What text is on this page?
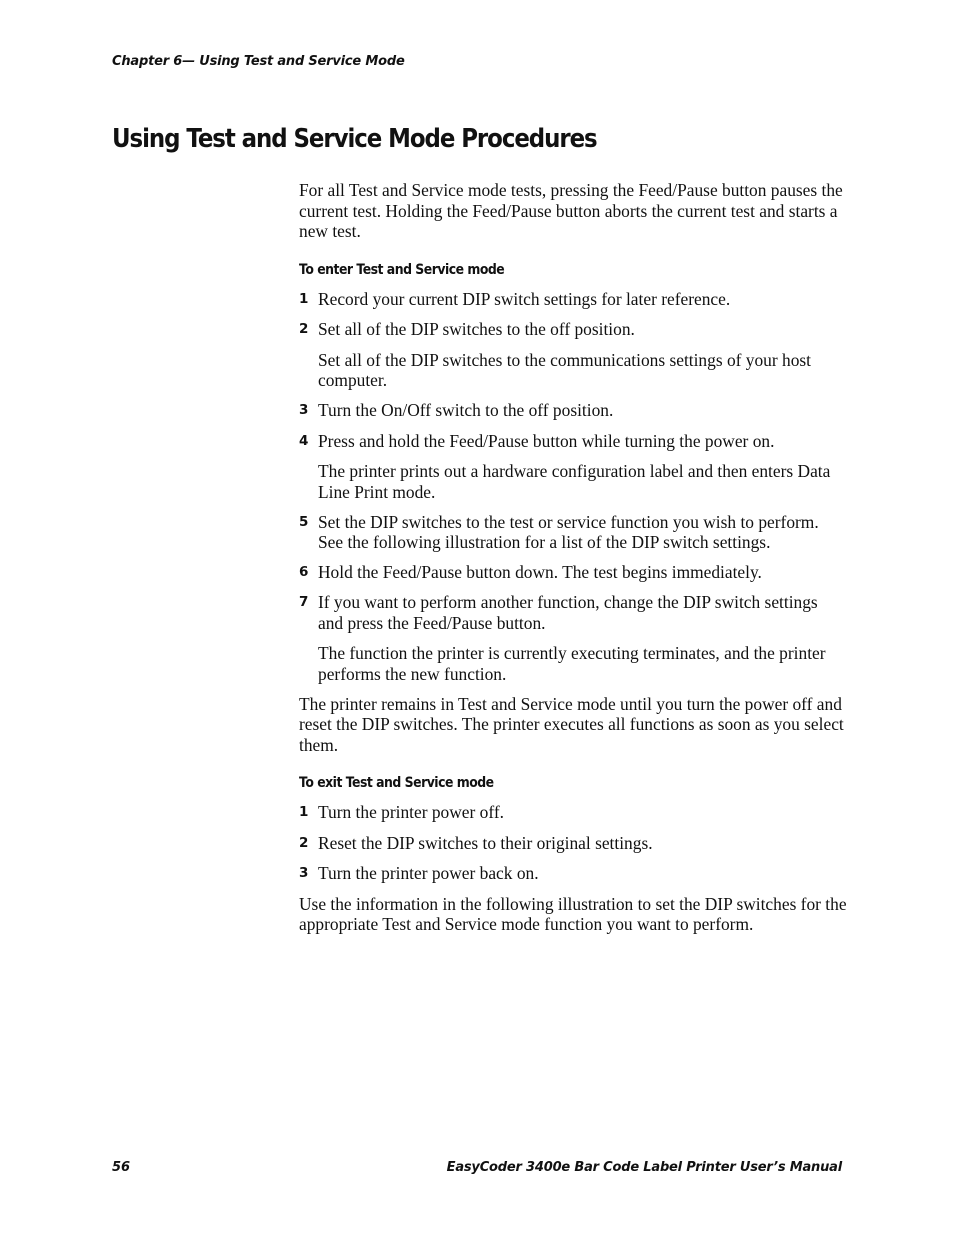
Chapter 6— Using Test and Service Mode
Using Test and Service Mode Procedures

For all Test and Service mode tests, pressing the Feed/Pause button pauses the current test. Holding the Feed/Pause button aborts the current test and starts a new test.

To enter Test and Service mode

1 Record your current DIP switch settings for later reference.
2 Set all of the DIP switches to the off position.

Set all of the DIP switches to the communications settings of your host computer.

3 Turn the On/Off switch to the off position.
4 Press and hold the Feed/Pause button while turning the power on.

The printer prints out a hardware configuration label and then enters Data Line Print mode.

5 Set the DIP switches to the test or service function you wish to perform. See the following illustration for a list of the DIP switch settings.
6 Hold the Feed/Pause button down. The test begins immediately.
7 If you want to perform another function, change the DIP switch settings and press the Feed/Pause button.

The function the printer is currently executing terminates, and the printer performs the new function.

The printer remains in Test and Service mode until you turn the power off and reset the DIP switches. The printer executes all functions as soon as you select them.

To exit Test and Service mode

1 Turn the printer power off.
2 Reset the DIP switches to their original settings.
3 Turn the printer power back on.

Use the information in the following illustration to set the DIP switches for the appropriate Test and Service mode function you want to perform.

56	EasyCoder 3400e Bar Code Label Printer User’s Manual
